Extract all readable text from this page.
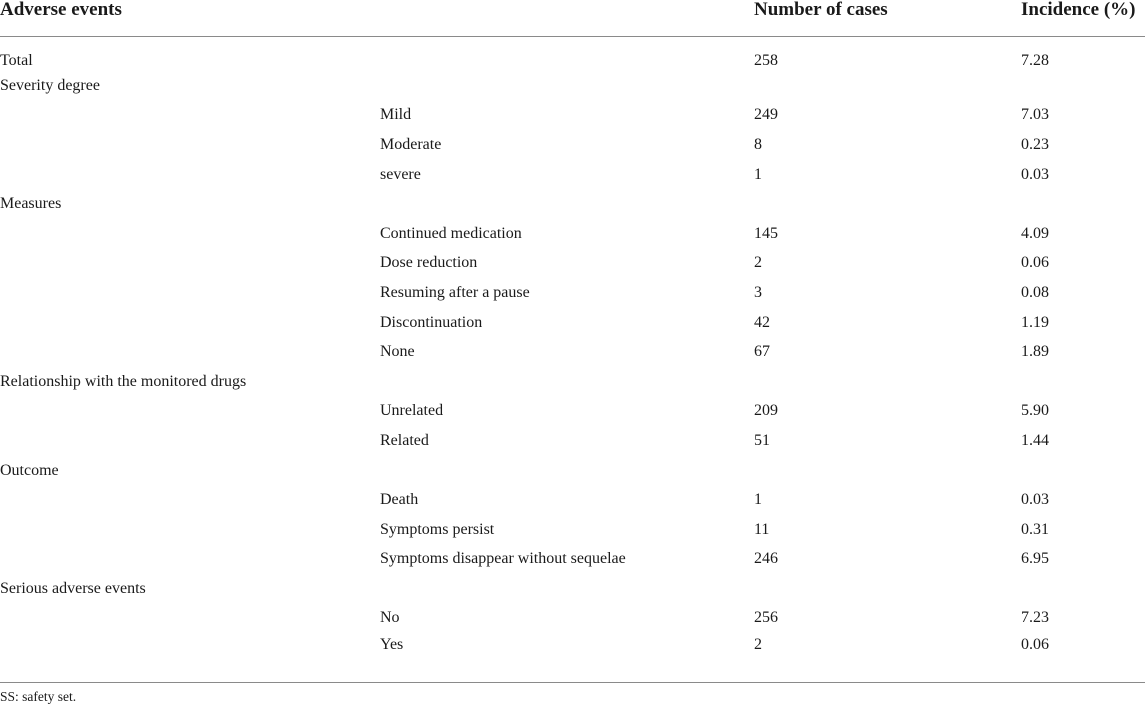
Adverse events		Number of cases	Incidence (%)

Total		258	7.28
Severity degree			
	Mild	249	7.03
	Moderate	8	0.23
	severe	1	0.03
Measures			
	Continued medication	145	4.09
	Dose reduction	2	0.06
	Resuming after a pause	3	0.08
	Discontinuation	42	1.19
	None	67	1.89
Relationship with the monitored drugs			
	Unrelated	209	5.90
	Related	51	1.44
Outcome			
	Death	1	0.03
	Symptoms persist	11	0.31
	Symptoms disappear without sequelae	246	6.95
Serious adverse events			
	No	256	7.23
	Yes	2	0.06
SS: safety set.
